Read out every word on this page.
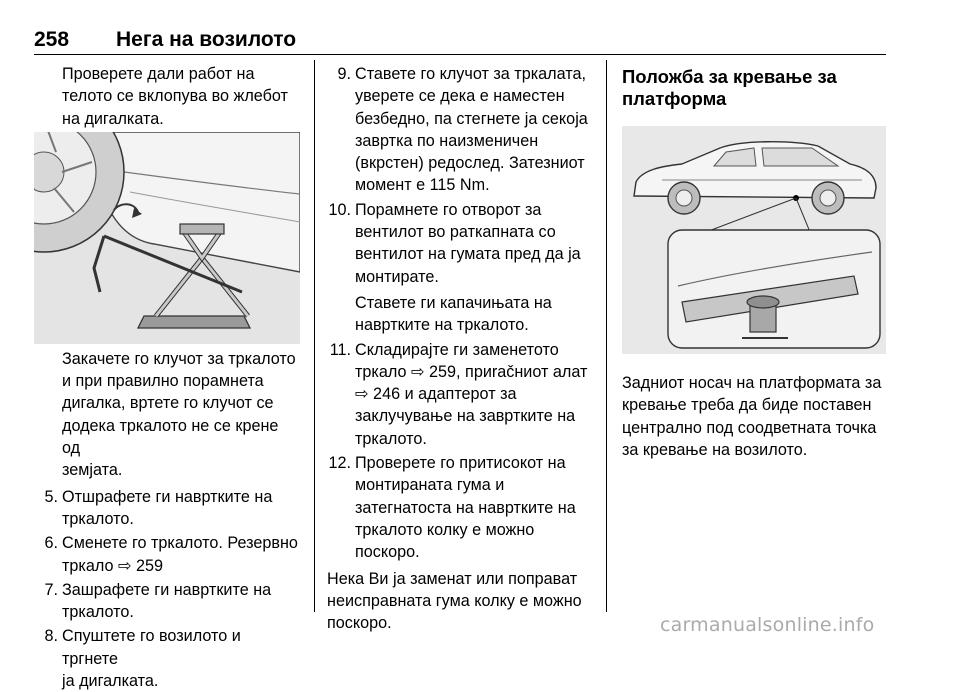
258 Нега на возилото

Проверете дали работ на

телото се вклопува во жлебот

на дигалката.

Закачете го клучот за тркалото

и при правилно порамнета

дигалка, вртете го клучот се

додека тркалото не се крене од

земјата.

5. Отшрафете ги навртките на

тркалото.

6. Сменете го тркалото. Резервно

тркало ⇨ 259

7. Зашрафете ги навртките на

тркалото.

8. Спуштете го возилото и тргнете

ја дигалката.

9. Ставете го клучот за тркалата,

уверете се дека е наместен

безбедно, па стегнете ја секоја

завртка по наизменичен

(вкрстен) редослед. Затезниот

момент е 115 Nm.

10. Порамнете го отворот за

вентилот во раткапната со

вентилот на гумата пред да ја

монтирате.

Ставете ги капачињата на

навртките на тркалото.

11. Складирајте ги заменетото

тркало ⇨ 259, приračниот алат

⇨ 246 и адаптерот за

заклучување на завртките на

тркалото.

12. Проверете го притисокот на

монтираната гума и

затегнатоста на навртките на

тркалото колку е можно

поскоро.

Нека Ви ја заменат или поправат

неисправната гума колку е можно

поскоро.

Положба за кревање за
платформа

Задниот носач на платформата за

кревање треба да биде поставен

централно под соодветната точка

за кревање на возилото.

carmanualsonline.info
